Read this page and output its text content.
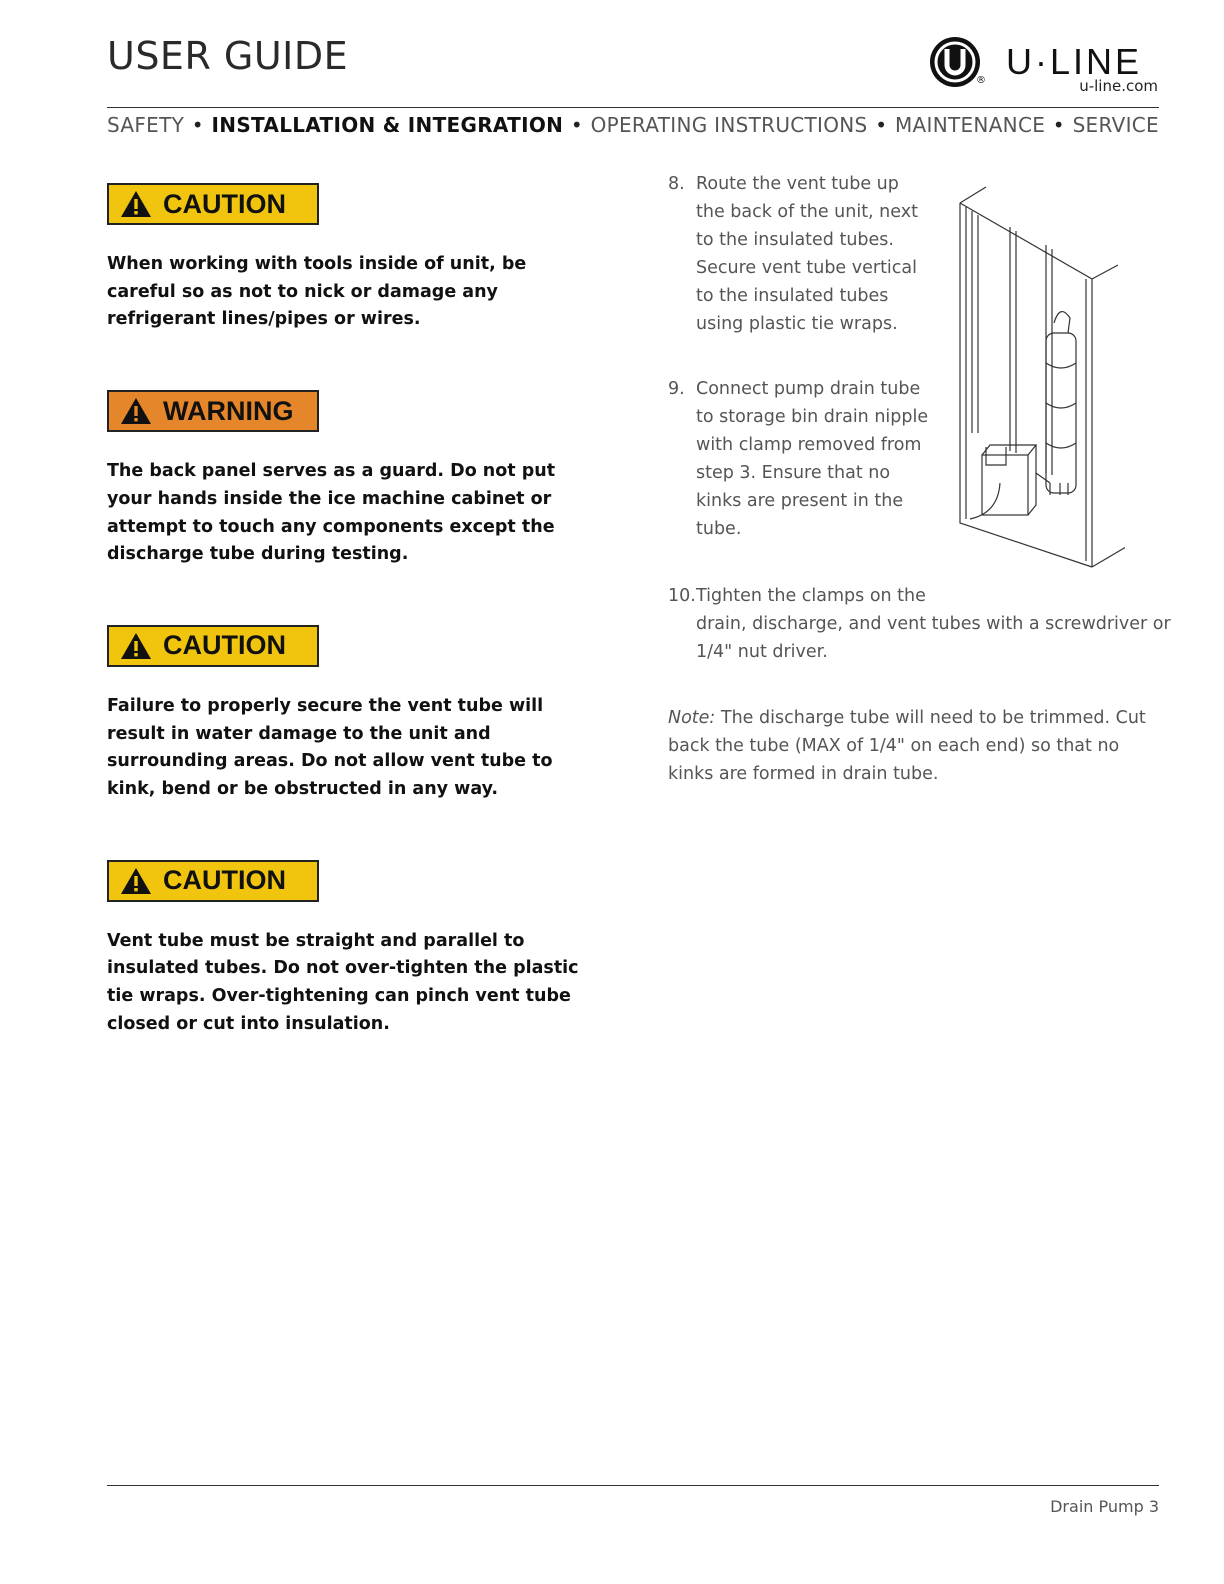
USER GUIDE
® U·LINE
u-line.com
SAFETY • INSTALLATION & INTEGRATION • OPERATING INSTRUCTIONS • MAINTENANCE • SERVICE
CAUTION

When working with tools inside of unit, be careful so as not to nick or damage any refrigerant lines/pipes or wires.

WARNING

The back panel serves as a guard. Do not put your hands inside the ice machine cabinet or attempt to touch any components except the discharge tube during testing.

CAUTION

Failure to properly secure the vent tube will result in water damage to the unit and surrounding areas. Do not allow vent tube to kink, bend or be obstructed in any way.

CAUTION

Vent tube must be straight and parallel to insulated tubes. Do not over-tighten the plastic tie wraps. Over-tightening can pinch vent tube closed or cut into insulation.

8. Route the vent tube up
the back of the unit, next
to the insulated tubes.
Secure vent tube vertical
to the insulated tubes
using plastic tie wraps.
9. Connect pump drain tube
to storage bin drain nipple
with clamp removed from
step 3. Ensure that no
kinks are present in the
tube.
10. Tighten the clamps on the
drain, discharge, and vent tubes with a screwdriver or
1/4" nut driver.
Note: The discharge tube will need to be trimmed. Cut back the tube (MAX of 1/4" on each end) so that no kinks are formed in drain tube.
Drain Pump 3
